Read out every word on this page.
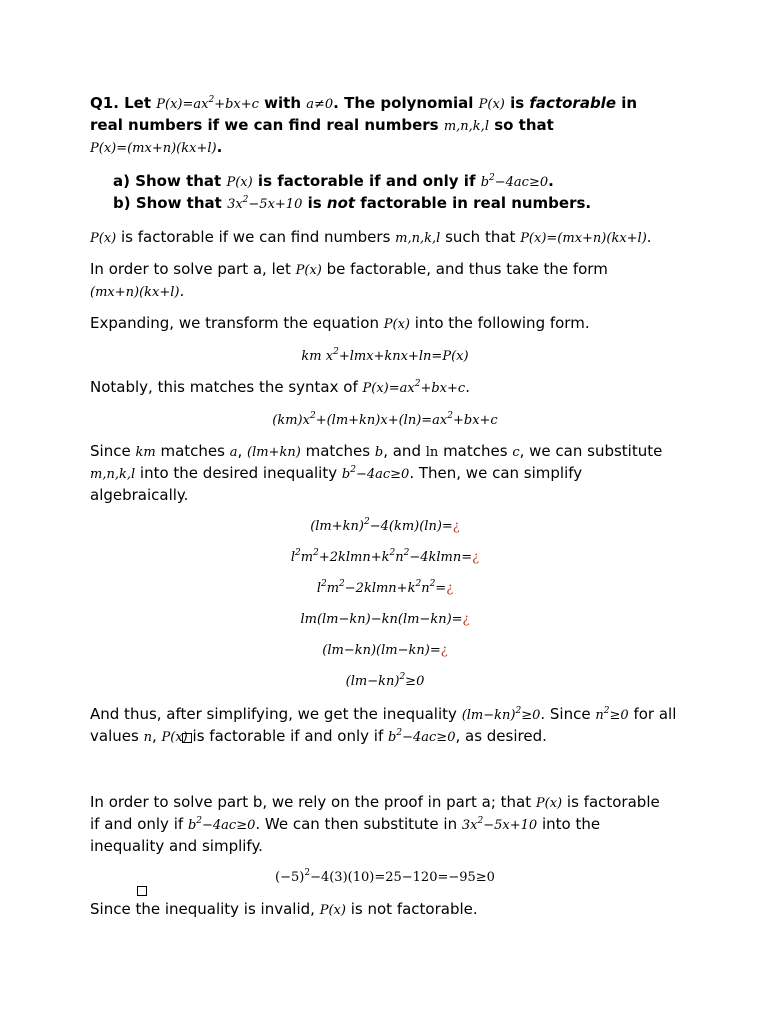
Q1. Let $P(x)=ax^2+bx+c$ with a≠0. The polynomial P(x) is factorable in

real numbers if we can find real numbers m,n,k,l so that

P(x)=(mx+n)(kx+l).

a) Show that P(x) is factorable if and only if $b^2-4ac\ge 0$.

b) Show that $3x^2-5x+10$ is not factorable in real numbers.

P(x) is factorable if we can find numbers m,n,k,l such that P(x)=(mx+n)(kx+l).

In order to solve part a, let P(x) be factorable, and thus take the form
(mx+n)(kx+l).

Expanding, we transform the equation P(x) into the following form.

km $x^2+lmx+knx+\ln=P(x)$

Notably, this matches the syntax of $P(x)=ax^2+bx+c$.

$(km)x^2+(lm+kn)x+(\ln)=ax^2+bx+c$

Since km matches a, (lm+kn) matches b, and ln matches c, we can substitute
m,n,k,l into the desired inequality $b^2-4ac\ge 0$. Then, we can simplify
algebraically.

$(lm+kn)^2-4(km)(\ln)=¿$

$l^2m^2+2klmn+k^2n^2-4klmn=¿$

$l^2m^2-2klmn+k^2n^2=¿$

lm(lm−kn)−kn(lm−kn)=¿

(lm−kn)(lm−kn)=¿

$(lm-kn)^2\ge 0$

And thus, after simplifying, we get the inequality $(lm-kn)^2\ge 0$. Since $n^2\ge 0$ for all
values n, P(x) is factorable if and only if $b^2-4ac\ge 0$, as desired.

In order to solve part b, we rely on the proof in part a; that P(x) is factorable
if and only if $b^2-4ac\ge 0$. We can then substitute in $3x^2-5x+10$ into the
inequality and simplify.

$(-5)^2-4(3)(10)=25-120=-95\ge 0$

Since the inequality is invalid, P(x) is not factorable.
